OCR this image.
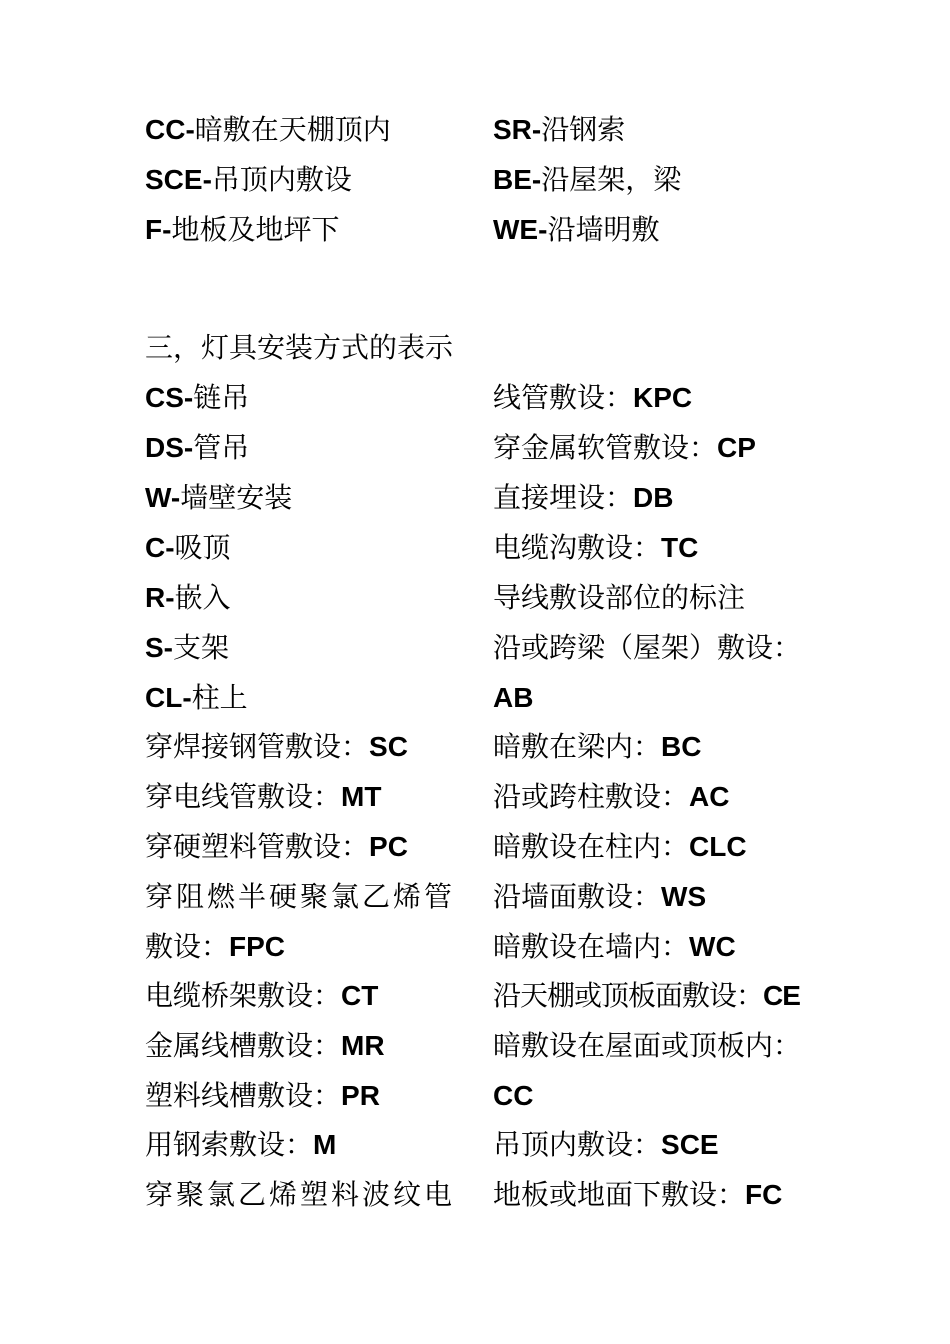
CC-暗敷在天棚顶内
SCE-吊顶内敷设
F-地板及地坪下
SR-沿钢索
BE-沿屋架，梁
WE-沿墙明敷
三，灯具安装方式的表示
CS-链吊
DS-管吊
W-墙壁安装
C-吸顶
R-嵌入
S-支架
CL-柱上
穿焊接钢管敷设：SC
穿电线管敷设：MT
穿硬塑料管敷设：PC
穿阻燃半硬聚氯乙烯管
敷设：FPC
电缆桥架敷设：CT
金属线槽敷设：MR
塑料线槽敷设：PR
用钢索敷设：M
穿聚氯乙烯塑料波纹电
线管敷设：KPC
穿金属软管敷设：CP
直接埋设：DB
电缆沟敷设：TC
导线敷设部位的标注
沿或跨梁（屋架）敷设：
AB
暗敷在梁内：BC
沿或跨柱敷设：AC
暗敷设在柱内：CLC
沿墙面敷设：WS
暗敷设在墙内：WC
沿天棚或顶板面敷设：CE
暗敷设在屋面或顶板内：
CC
吊顶内敷设：SCE
地板或地面下敷设：FC
